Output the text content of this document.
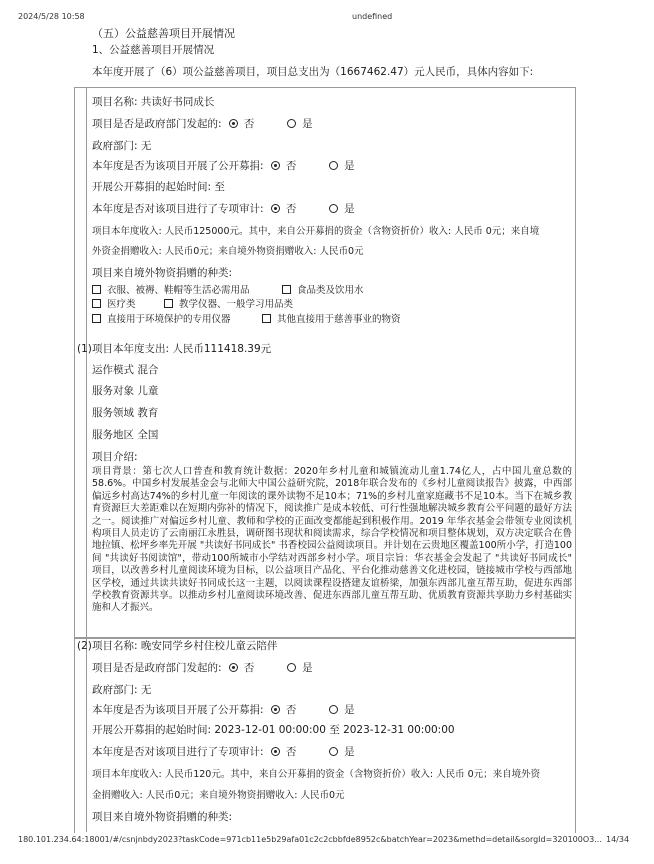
2024/5/28 10:58	undefined
（五）公益慈善项目开展情况
1、公益慈善项目开展情况
本年度开展了（6）项公益慈善项目，项目总支出为（1667462.47）元人民币，具体内容如下:
项目名称: 共读好书同成长
项目是否是政府部门发起的: 否	是
政府部门: 无
本年度是否为该项目开展了公开募捐: 否	是
开展公开募捐的起始时间: 至
本年度是否对该项目进行了专项审计: 否	是
项目本年度收入: 人民币125000元。其中，来自公开募捐的资金（含物资折价）收入: 人民币 0元；来自境
外资金捐赠收入: 人民币0元；来自境外物资捐赠收入: 人民币0元
项目来自境外物资捐赠的种类:
衣服、被褥、鞋帽等生活必需用品	食品类及饮用水
医疗类	教学仪器、一般学习用品类
直接用于环境保护的专用仪器	其他直接用于慈善事业的物资
(1) 项目本年度支出: 人民币111418.39元
运作模式 混合
服务对象 儿童
服务领域 教育
服务地区 全国
项目介绍:
项目背景：第七次人口普查和教育统计数据：2020年乡村儿童和城镇流动儿童1.74亿人，占中国儿童总数的58.6%。中国乡村发展基金会与北师大中国公益研究院，2018年联合发布的《乡村儿童阅读报告》披露，中西部偏远乡村高达74%的乡村儿童一年阅读的课外读物不足10本；71%的乡村儿童家庭藏书不足10本。当下在城乡教育资源巨大差距难以在短期内弥补的情况下，阅读推广是成本较低、可行性强地解决城乡教育公平问题的最好方法之一。阅读推广对偏远乡村儿童、教师和学校的正面改变都能起到积极作用。2019 年华衣基金会带领专业阅读机构项目人员走访了云南丽江永胜县，调研图书现状和阅读需求，综合学校情况和项目整体规划，双方决定联合在鲁地拉镇、松坪乡率先开展 "共读好书同成长" 书香校园公益阅读项目。并计划在云贵地区覆盖100所小学，打造100间 "共读好书阅读馆"，带动100所城市小学结对西部乡村小学。项目宗旨：华衣基金会发起了 "共读好书同成长" 项目，以改善乡村儿童阅读环境为目标，以公益项目产品化、平台化推动慈善文化进校园，链接城市学校与西部地区学校，通过共读共读好书同成长这一主题，以阅读课程设搭建友谊桥梁，加强东西部儿童互帮互助，促进东西部学校教育资源共享。以推动乡村儿童阅读环境改善、促进东西部儿童互帮互助、优质教育资源共享助力乡村基础实施和人才振兴。
(2) 项目名称: 晚安同学乡村住校儿童云陪伴
项目是否是政府部门发起的: 否	是
政府部门: 无
本年度是否为该项目开展了公开募捐: 否	是
开展公开募捐的起始时间: 2023-12-01 00:00:00 至 2023-12-31 00:00:00
本年度是否对该项目进行了专项审计: 否	是
项目本年度收入: 人民币120元。其中，来自公开募捐的资金（含物资折价）收入: 人民币 0元；来自境外资
金捐赠收入: 人民币0元；来自境外物资捐赠收入: 人民币0元
项目来自境外物资捐赠的种类:
180.101.234.64:18001/#/csnjnbdy2023?taskCode=971cb11e5b29afa01c2c2cbbfde8952c&batchYear=2023&methd=detail&sorgId=320100O3... 14/34
